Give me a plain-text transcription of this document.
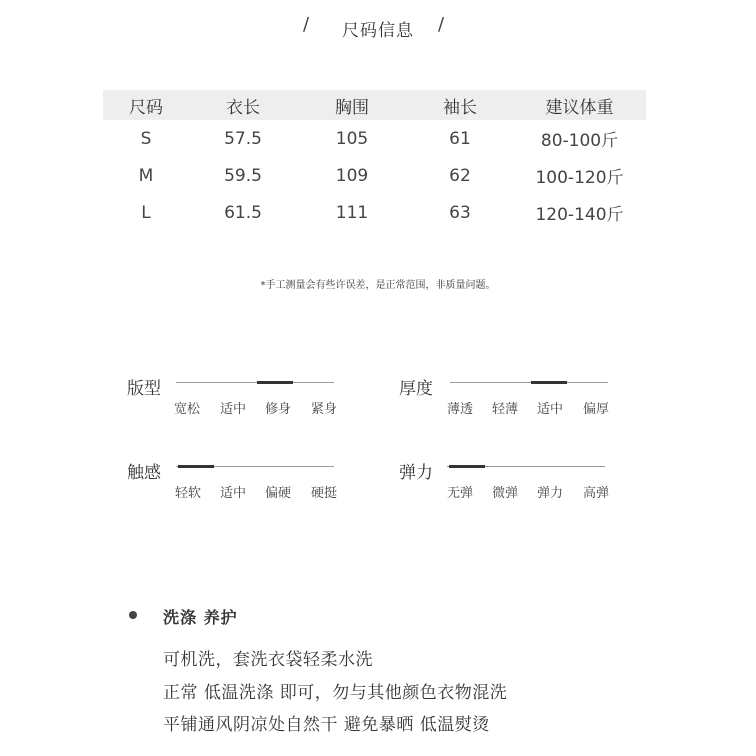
/	尺码信息	/
尺码	衣长	胸围	袖长	建议体重
S	57.5	105	61	80-100斤
M	59.5	109	62	100-120斤
L	61.5	111	63	120-140斤
*手工测量会有些许误差，是正常范围，非质量问题。
版型
宽松	适中	修身	紧身
厚度
薄透	轻薄	适中	偏厚
触感
轻软	适中	偏硬	硬挺
弹力
无弹	微弹	弹力	高弹
洗涤 养护
可机洗，套洗衣袋轻柔水洗
正常 低温洗涤 即可，勿与其他颜色衣物混洗
平铺通风阴凉处自然干 避免暴晒 低温熨烫
